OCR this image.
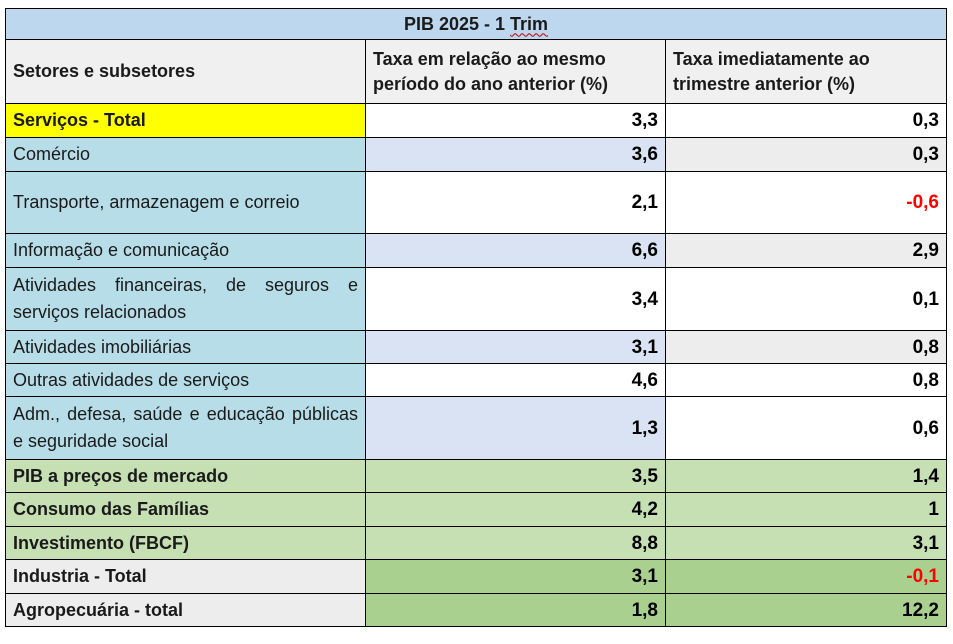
PIB 2025 - 1 Trim		
Setores e subsetores	Taxa em relação ao mesmo período do ano anterior (%)	Taxa imediatamente ao trimestre anterior (%)
Serviços - Total	3,3	0,3
Comércio	3,6	0,3
Transporte, armazenagem e correio	2,1	-0,6
Informação e comunicação	6,6	2,9
Atividades financeiras, de seguros e serviços relacionados	3,4	0,1
Atividades imobiliárias	3,1	0,8
Outras atividades de serviços	4,6	0,8
Adm., defesa, saúde e educação públicas e seguridade social	1,3	0,6
PIB a preços de mercado	3,5	1,4
Consumo das Famílias	4,2	1
Investimento (FBCF)	8,8	3,1
Industria - Total	3,1	-0,1
Agropecuária - total	1,8	12,2
